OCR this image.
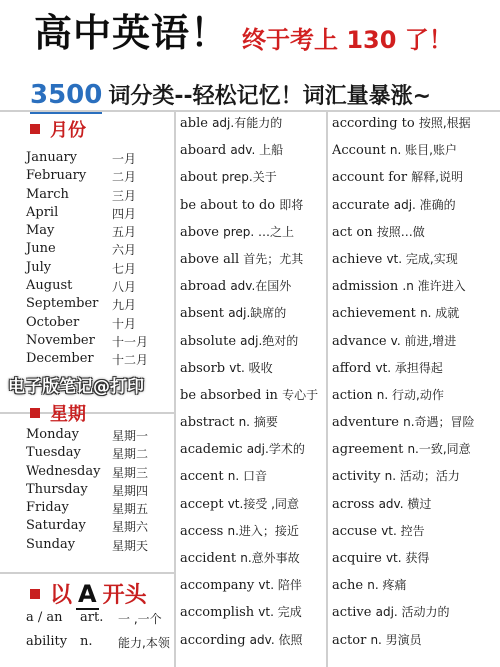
高中英语！ 终于考上 130 了！
3500 词分类--轻松记忆！词汇量暴涨~
月份
January	一月
February 二月
March	三月
April	四月
May	五月
June	六月
July	七月
August	八月
September 九月
October	十月
November 十一月
December 十二月
电子版笔记@打印
星期
Monday	星期一
Tuesday	星期二
Wednesday 星期三
Thursday 星期四
Friday	星期五
Saturday 星期六
Sunday	星期天
以 A 开头
a / an art. 一 ,一个
ability n. 能力,本领
able adj.有能力的
aboard adv. 上船
about prep.关于
be about to do 即将
above prep. …之上
above all 首先；尤其
abroad adv.在国外
absent adj.缺席的
absolute adj.绝对的
absorb vt. 吸收
be absorbed in 专心于
abstract n. 摘要
academic adj.学术的
accent n. 口音
accept vt.接受 ,同意
access n.进入；接近
accident n.意外事故
accompany vt. 陪伴
accomplish vt. 完成
according adv. 依照
according to 按照,根据
Account n. 账目,账户
account for 解释,说明
accurate adj. 准确的
act on 按照…做
achieve vt. 完成,实现
admission .n 准许进入
achievement n. 成就
advance v. 前进,增进
afford vt. 承担得起
action n. 行动,动作
adventure n.奇遇；冒险
agreement n.一致,同意
activity n. 活动；活力
across adv. 横过
accuse vt. 控告
acquire vt. 获得
ache n. 疼痛
active adj. 活动力的
actor n. 男演员
